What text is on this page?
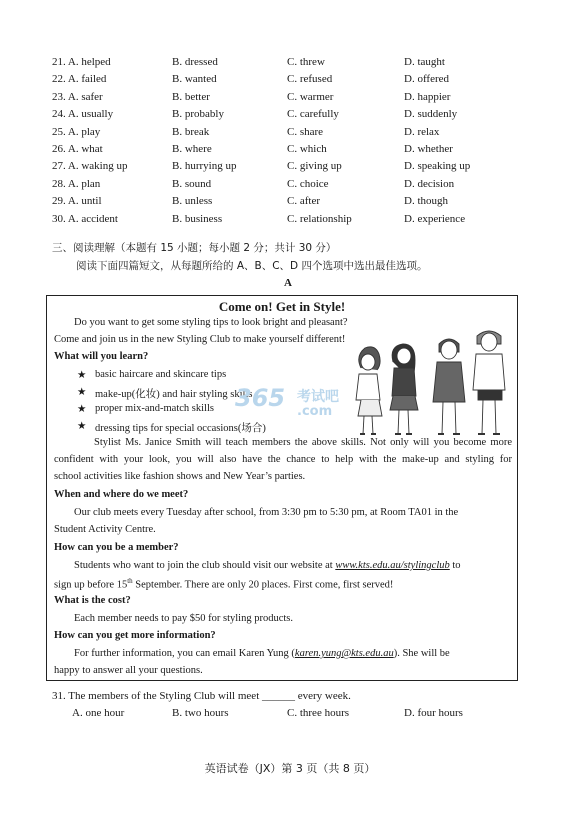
21. A. helped	B. dressed	C. threw	D. taught
22. A. failed	B. wanted	C. refused	D. offered
23. A. safer	B. better	C. warmer	D. happier
24. A. usually	B. probably	C. carefully	D. suddenly
25. A. play	B. break	C. share	D. relax
26. A. what	B. where	C. which	D. whether
27. A. waking up	B. hurrying up	C. giving up	D. speaking up
28. A. plan	B. sound	C. choice	D. decision
29. A. until	B. unless	C. after	D. though
30. A. accident	B. business	C. relationship	D. experience
三、阅读理解（本题有 15 小题；每小题 2 分；共计 30 分）
阅读下面四篇短文，从每题所给的 A、B、C、D 四个选项中选出最佳选项。
A
Come on! Get in Style!
Do you want to get some styling tips to look bright and pleasant?
Come and join us in the new Styling Club to make yourself different!
What will you learn?
★ basic haircare and skincare tips
★ make-up(化妆) and hair styling skills
★ proper mix-and-match skills
★ dressing tips for special occasions(场合)
365 考试吧
.com
Stylist Ms. Janice Smith will teach members the above skills. Not only will you become more
confident with your look, you will also have the chance to help with the make-up and styling for
school activities like fashion shows and New Year’s parties.
When and where do we meet?
Our club meets every Tuesday after school, from 3:30 pm to 5:30 pm, at Room TA01 in the
Student Activity Centre.
How can you be a member?
Students who want to join the club should visit our website at www.kts.edu.au/stylingclub to
sign up before 15th September. There are only 20 places. First come, first served!
What is the cost?
Each member needs to pay $50 for styling products.
How can you get more information?
For further information, you can email Karen Yung (karen.yung@kts.edu.au). She will be
happy to answer all your questions.
31. The members of the Styling Club will meet ______ every week.
A. one hour	B. two hours	C. three hours	D. four hours
英语试卷（JX）第 3 页（共 8 页）
